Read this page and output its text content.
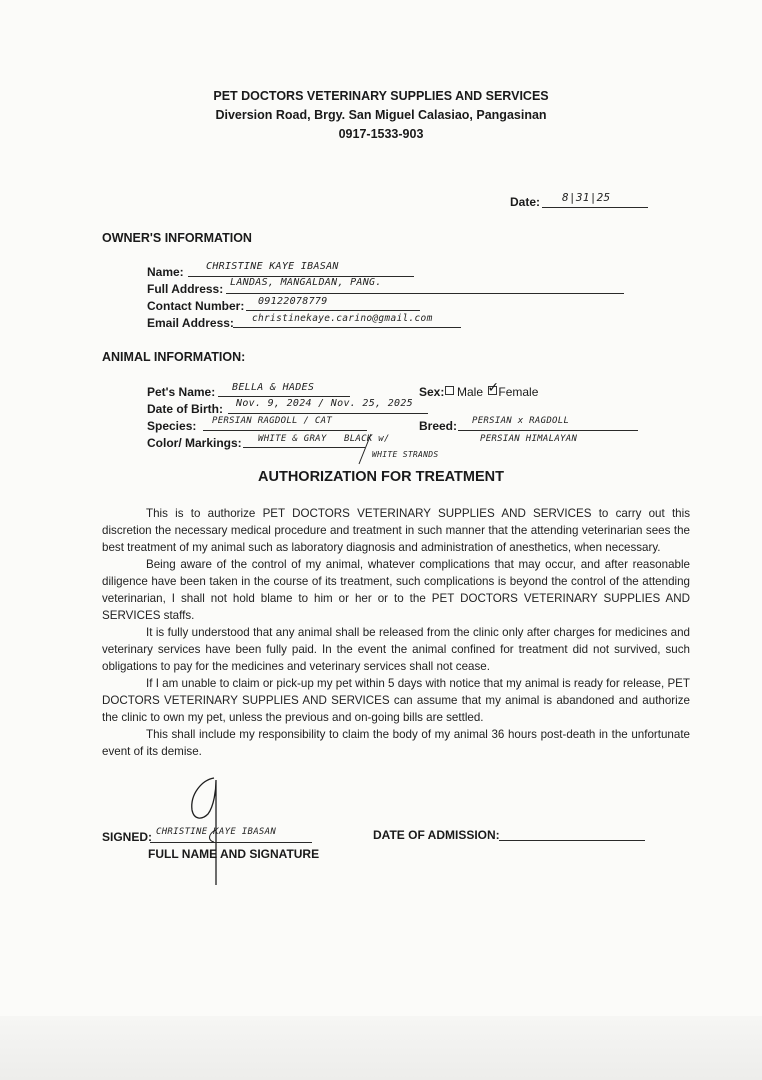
PET DOCTORS VETERINARY SUPPLIES AND SERVICES
Diversion Road, Brgy. San Miguel Calasiao, Pangasinan
0917-1533-903
Date: 8|31|25
OWNER'S INFORMATION
Name: CHRISTINE KAYE IBASAN
Full Address: LANDAS, MANGALDAN, PANG.
Contact Number: 09122078779
Email Address: christinekaye.carino@gmail.com
ANIMAL INFORMATION:
Pet's Name: BELLA & HADES	Sex:	Male ✓ Female
Date of Birth: Nov. 9, 2024 / Nov. 25, 2025
Species: PERSIAN RAGDOLL / CAT	Breed: PERSIAN x RAGDOLL
PERSIAN HIMALAYAN
Color/ Markings: WHITE & GRAY BLACK w/
WHITE STRANDS
AUTHORIZATION FOR TREATMENT

This is to authorize PET DOCTORS VETERINARY SUPPLIES AND SERVICES to carry out this discretion the necessary medical procedure and treatment in such manner that the attending veterinarian sees the best treatment of my animal such as laboratory diagnosis and administration of anesthetics, when necessary.

Being aware of the control of my animal, whatever complications that may occur, and after reasonable diligence have been taken in the course of its treatment, such complications is beyond the control of the attending veterinarian, I shall not hold blame to him or her or to the PET DOCTORS VETERINARY SUPPLIES AND SERVICES staffs.

It is fully understood that any animal shall be released from the clinic only after charges for medicines and veterinary services have been fully paid. In the event the animal confined for treatment did not survived, such obligations to pay for the medicines and veterinary services shall not cease.

If I am unable to claim or pick-up my pet within 5 days with notice that my animal is ready for release, PET DOCTORS VETERINARY SUPPLIES AND SERVICES can assume that my animal is abandoned and authorize the clinic to own my pet, unless the previous and on-going bills are settled.

This shall include my responsibility to claim the body of my animal 36 hours post-death in the unfortunate event of its demise.

SIGNED: CHRISTINE KAYE IBASAN
FULL NAME AND SIGNATURE
DATE OF ADMISSION:
